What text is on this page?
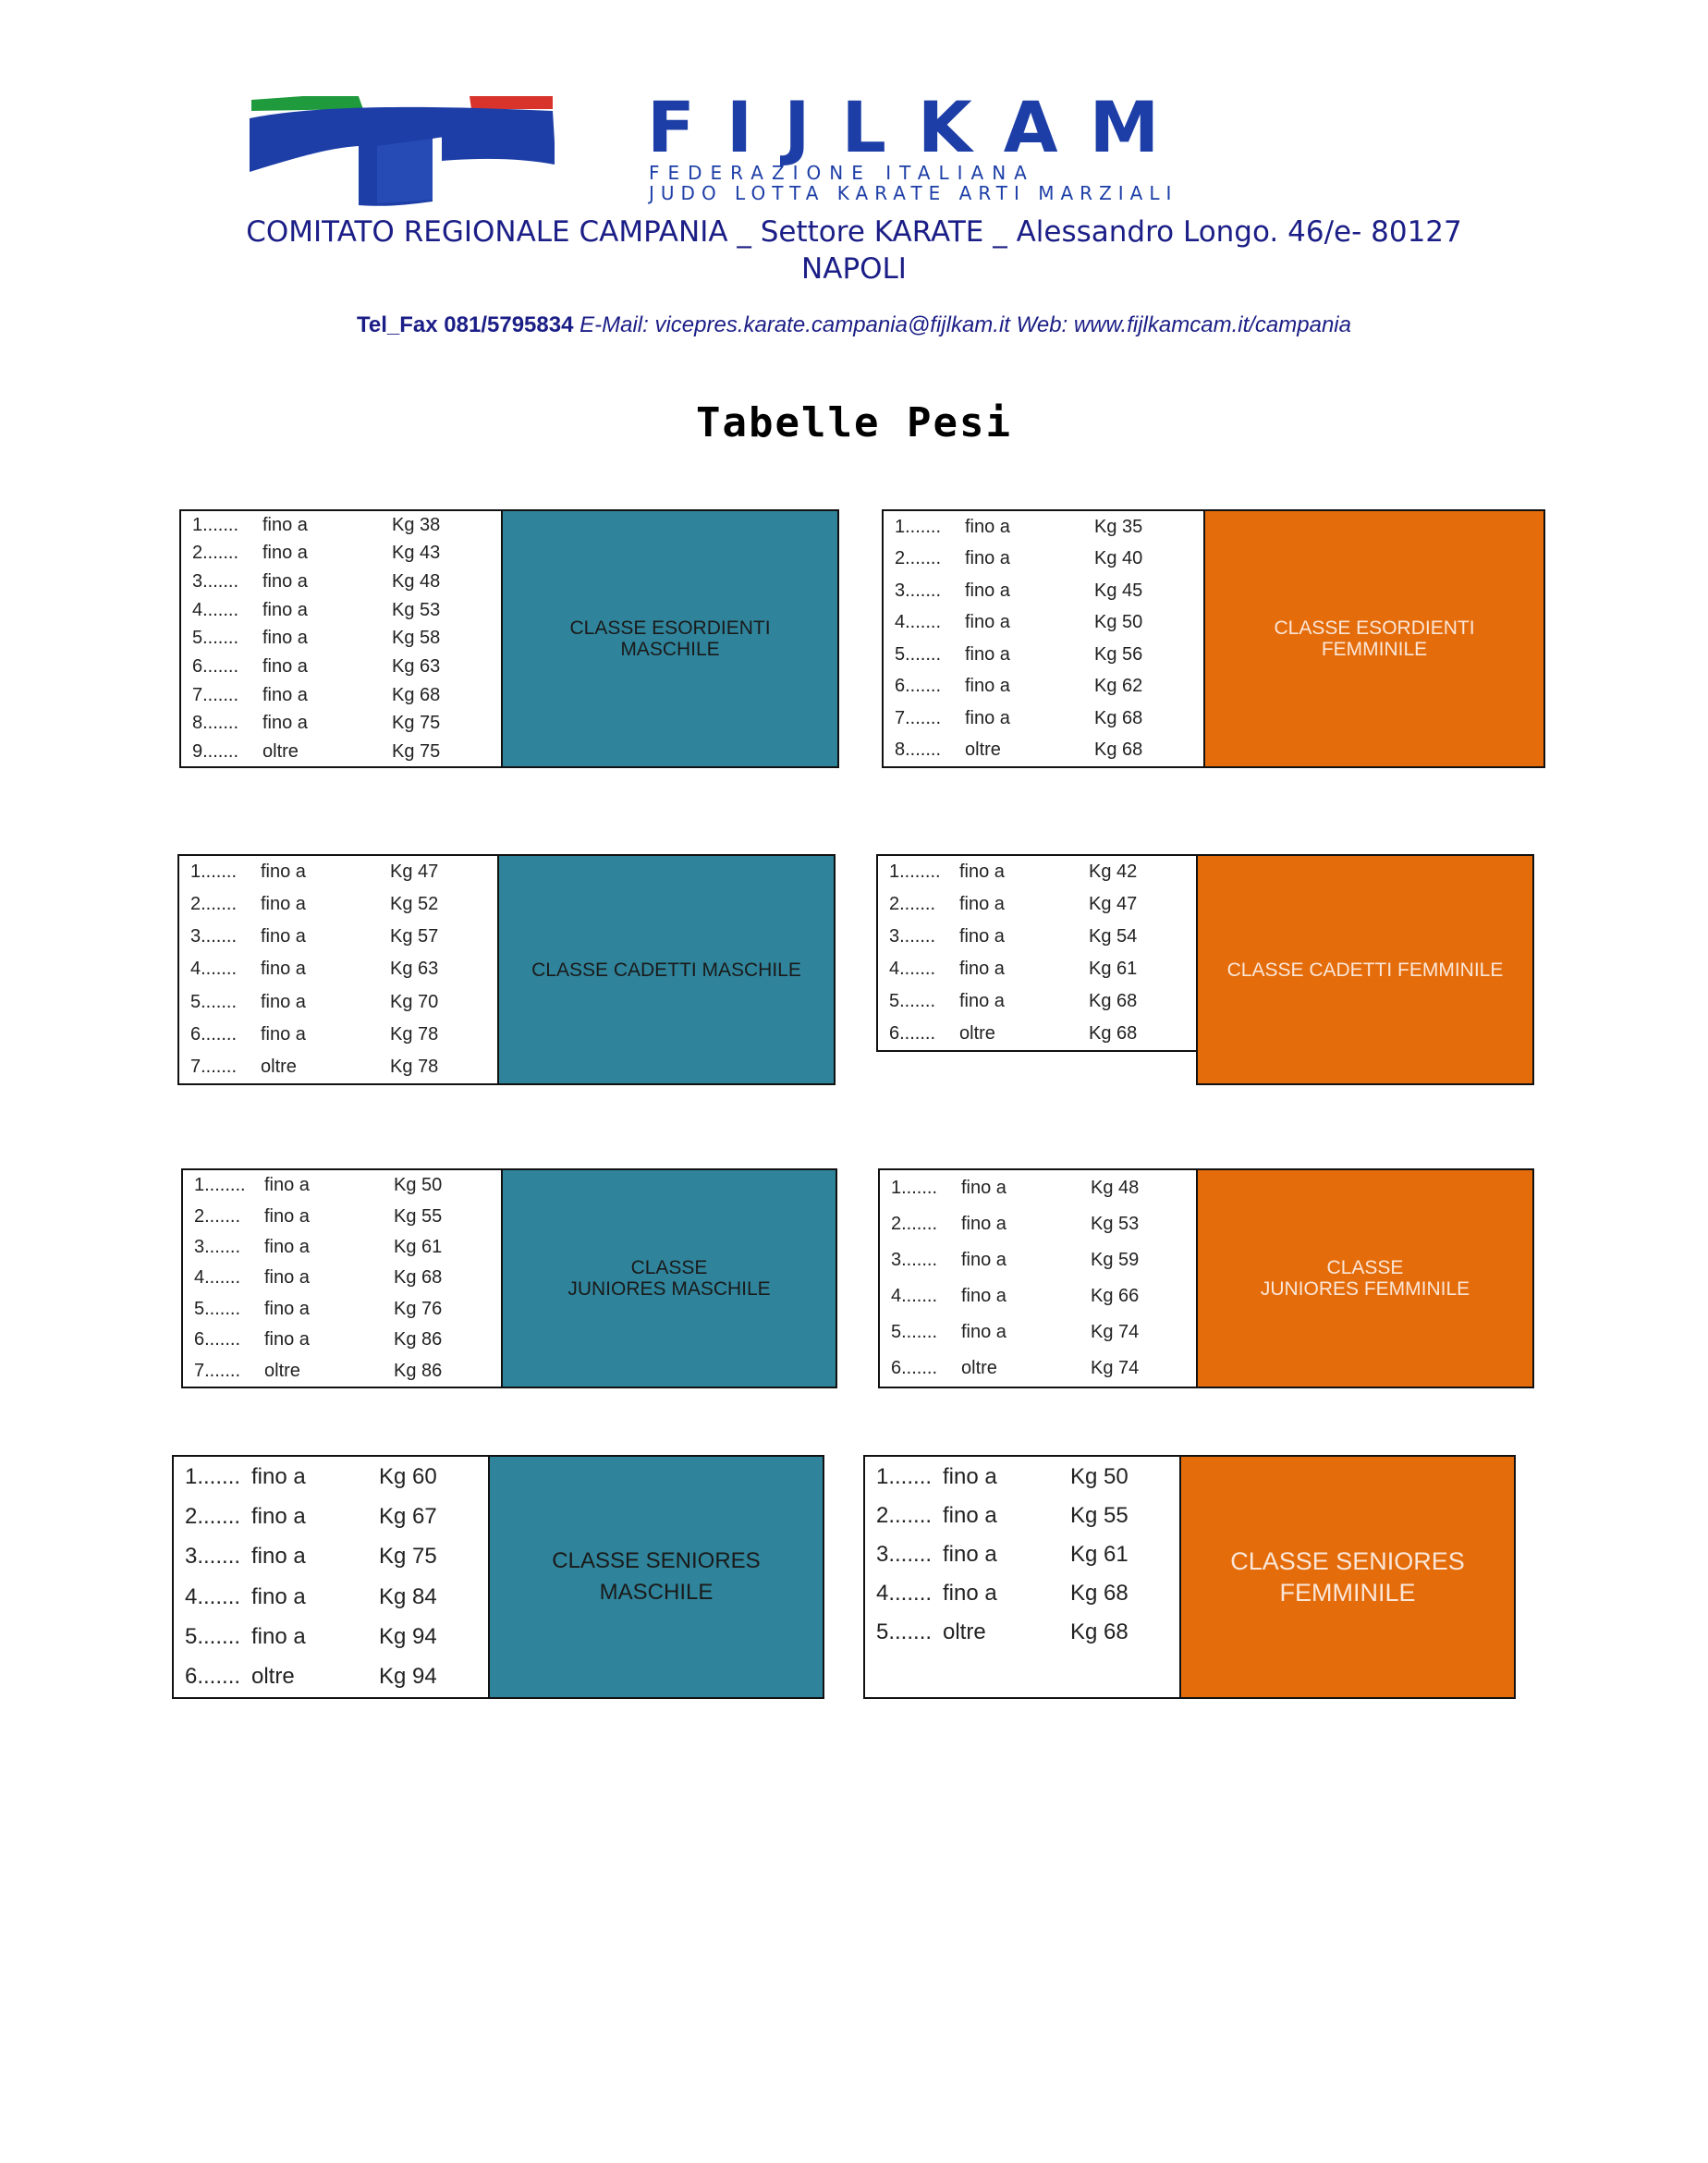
FIJLKAM
FEDERAZIONE ITALIANA
JUDO LOTTA KARATE ARTI MARZIALI
COMITATO REGIONALE CAMPANIA _ Settore KARATE _ Alessandro Longo. 46/e- 80127
NAPOLI
Tel_Fax 081/5795834 E-Mail: vicepres.karate.campania@fijlkam.it Web: www.fijlkamcam.it/campania
Tabelle Pesi
1.......	fino a	Kg 38
2.......	fino a	Kg 43
3.......	fino a	Kg 48
4.......	fino a	Kg 53
5.......	fino a	Kg 58
6.......	fino a	Kg 63
7.......	fino a	Kg 68
8.......	fino a	Kg 75
9.......	oltre	Kg 75
CLASSE ESORDIENTI
MASCHILE
1.......	fino a	Kg 35
2.......	fino a	Kg 40
3.......	fino a	Kg 45
4.......	fino a	Kg 50
5.......	fino a	Kg 56
6.......	fino a	Kg 62
7.......	fino a	Kg 68
8.......	oltre	Kg 68
CLASSE ESORDIENTI
FEMMINILE
1.......	fino a	Kg 47
2.......	fino a	Kg 52
3.......	fino a	Kg 57
4.......	fino a	Kg 63
5.......	fino a	Kg 70
6.......	fino a	Kg 78
7.......	oltre	Kg 78
CLASSE CADETTI MASCHILE
1........	fino a	Kg 42
2.......	fino a	Kg 47
3.......	fino a	Kg 54
4.......	fino a	Kg 61
5.......	fino a	Kg 68
6.......	oltre	Kg 68
CLASSE CADETTI FEMMINILE
1........	fino a	Kg 50
2.......	fino a	Kg 55
3.......	fino a	Kg 61
4.......	fino a	Kg 68
5.......	fino a	Kg 76
6.......	fino a	Kg 86
7.......	oltre	Kg 86
CLASSE
JUNIORES MASCHILE
1.......	fino a	Kg 48
2.......	fino a	Kg 53
3.......	fino a	Kg 59
4.......	fino a	Kg 66
5.......	fino a	Kg 74
6.......	oltre	Kg 74
CLASSE
JUNIORES FEMMINILE
1....... fino a	Kg 60
2....... fino a	Kg 67
3....... fino a	Kg 75
4....... fino a	Kg 84
5....... fino a	Kg 94
6....... oltre	Kg 94
CLASSE SENIORES MASCHILE
1....... fino a	Kg 50
2....... fino a	Kg 55
3....... fino a	Kg 61
4....... fino a	Kg 68
5....... oltre	Kg 68
CLASSE SENIORES
FEMMINILE
